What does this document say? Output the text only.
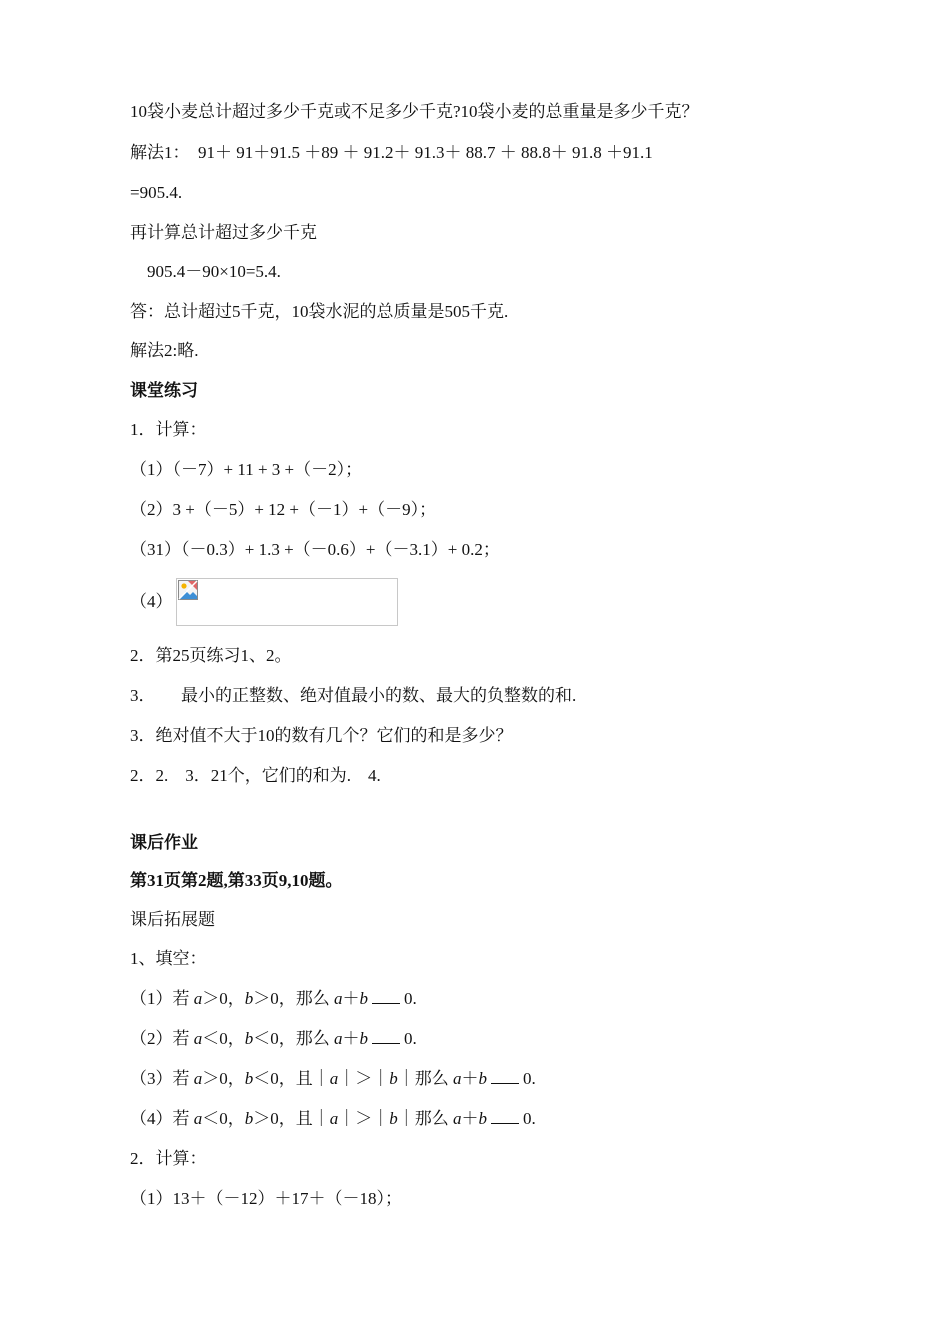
10袋小麦总计超过多少千克或不足多少千克?10袋小麦的总重量是多少千克？
解法1：  91＋ 91＋91.5 ＋89 ＋ 91.2＋ 91.3＋ 88.7 ＋ 88.8＋ 91.8 ＋91.1
=905.4.
再计算总计超过多少千克
905.4－90×10=5.4.
答：总计超过5千克，10袋水泥的总质量是505千克.
解法2:略.
课堂练习
1．计算：
（1）（－7）+ 11 + 3 +（－2）；
（2）3 +（－5）+ 12 +（－1）+（－9）；
（31）（－0.3）+ 1.3 +（－0.6）+（－3.1）+ 0.2；
（4）
2．第25页练习1、2。
3．      最小的正整数、绝对值最小的数、最大的负整数的和.
3．绝对值不大于10的数有几个？它们的和是多少？
2．2.    3．21个，它们的和为.    4.
课后作业
第31页第2题,第33页9,10题。
课后拓展题
1、填空：
（1）若 a＞0，b＞0，那么 a＋b 0.
（2）若 a＜0，b＜0，那么 a＋b 0.
（3）若 a＞0，b＜0，且｜a｜＞｜b｜那么 a＋b 0.
（4）若 a＜0，b＞0，且｜a｜＞｜b｜那么 a＋b 0.
2．计算：
（1）13＋（－12）＋17＋（－18）；
